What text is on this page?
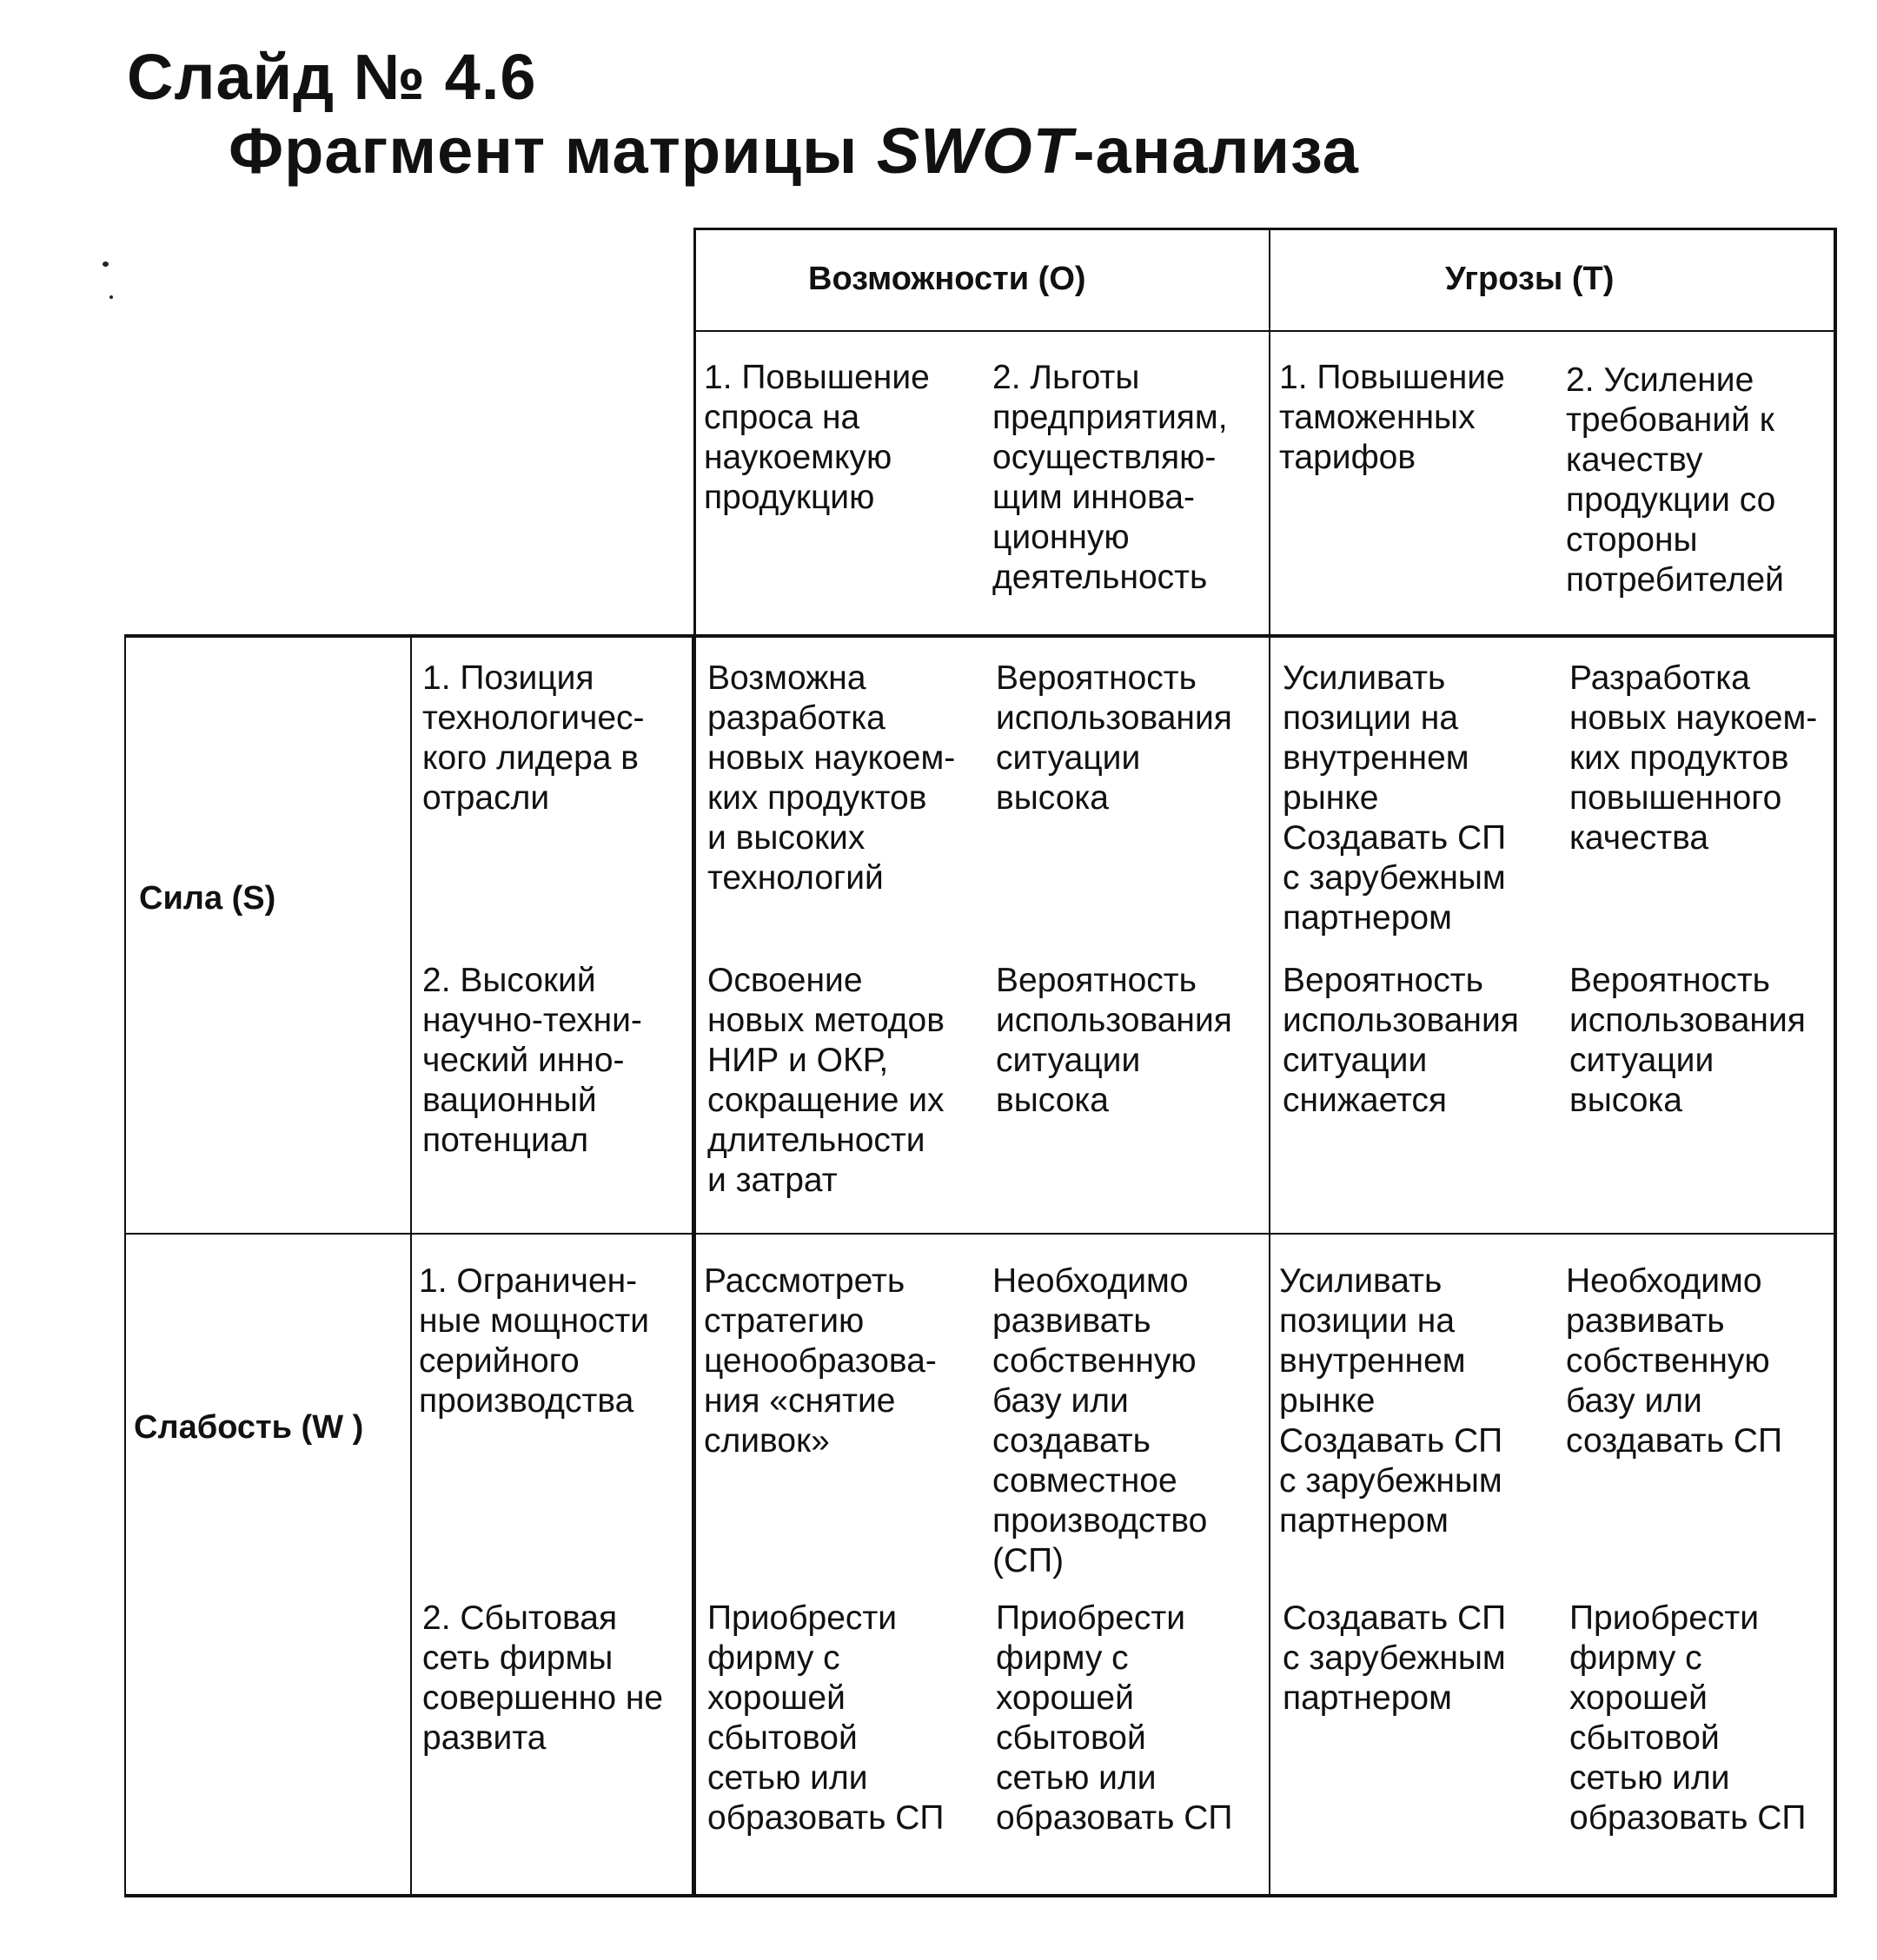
Слайд № 4.6
Фрагмент матрицы SWOT-анализа
Возможности (О)	Угрозы (Т)
1. Повышение
спроса на
наукоемкую
продукцию
2. Льготы
предприятиям,
осуществляю-
щим иннова-
ционную
деятельность
1. Повышение
таможенных
тарифов
2. Усиление
требований к
качеству
продукции со
стороны
потребителей
Сила (S)
Слабость (W )
1. Позиция
технологичес-
кого лидера в
отрасли
2. Высокий
научно-техни-
ческий инно-
вационный
потенциал
Возможна
разработка
новых наукоем-
ких продуктов
и высоких
технологий
Вероятность
использования
ситуации
высока
Усиливать
позиции на
внутреннем
рынке
Создавать СП
с зарубежным
партнером
Разработка
новых наукоем-
ких продуктов
повышенного
качества
Освоение
новых методов
НИР и ОКР,
сокращение их
длительности
и затрат
Вероятность
использования
ситуации
высока
Вероятность
использования
ситуации
снижается
Вероятность
использования
ситуации
высока
1. Ограничен-
ные мощности
серийного
производства
2. Сбытовая
сеть фирмы
совершенно не
развита
Рассмотреть
стратегию
ценообразова-
ния «снятие
сливок»
Необходимо
развивать
собственную
базу или
создавать
совместное
производство
(СП)
Усиливать
позиции на
внутреннем
рынке
Создавать СП
с зарубежным
партнером
Необходимо
развивать
собственную
базу или
создавать СП
Приобрести
фирму с
хорошей
сбытовой
сетью или
образовать СП
Приобрести
фирму с
хорошей
сбытовой
сетью или
образовать СП
Создавать СП
с зарубежным
партнером
Приобрести
фирму с
хорошей
сбытовой
сетью или
образовать СП
